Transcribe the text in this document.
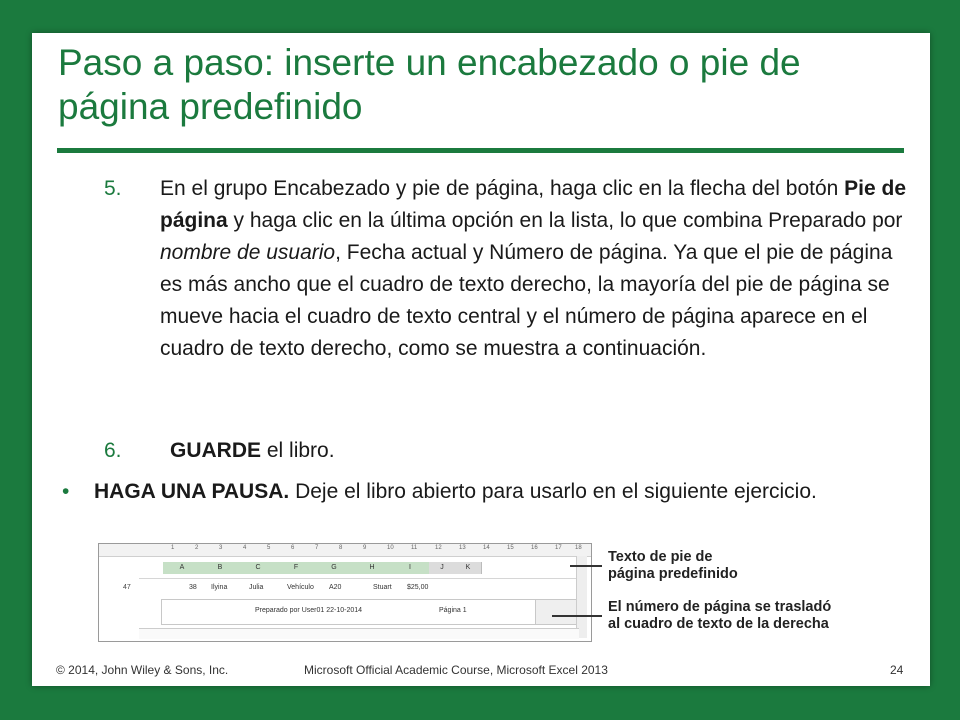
Paso a paso: inserte un encabezado o pie de página predefinido
5. En el grupo Encabezado y pie de página, haga clic en la flecha del botón Pie de página y haga clic en la última opción en la lista, lo que combina Preparado por nombre de usuario, Fecha actual y Número de página. Ya que el pie de página es más ancho que el cuadro de texto derecho, la mayoría del pie de página se mueve hacia el cuadro de texto central y el número de página aparece en el cuadro de texto derecho, como se muestra a continuación.
6. GUARDE el libro.
• HAGA UNA PAUSA. Deje el libro abierto para usarlo en el siguiente ejercicio.
1	2	3	4	5	6	7	8	9	10	11	12	13	14	15	16	17 18
A	B	C	F	G	H	I	J	K
47	38 Ilyina	Julia	Vehículo A20	Stuart $25,00
Preparado por User01 22-10-2014	Página 1
Texto de pie de
página predefinido
El número de página se trasladó
al cuadro de texto de la derecha
© 2014, John Wiley & Sons, Inc.	Microsoft Official Academic Course, Microsoft Excel 2013	24
